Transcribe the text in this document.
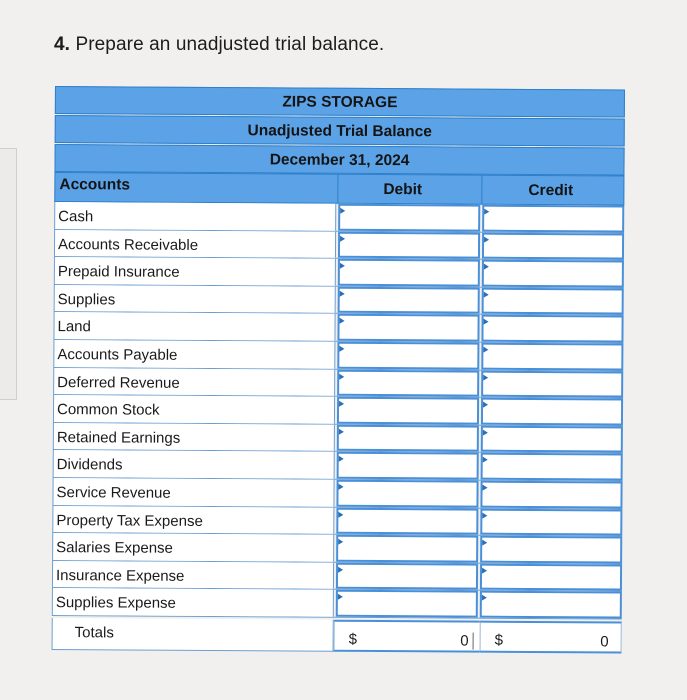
4. Prepare an unadjusted trial balance.
ZIPS STORAGE
Unadjusted Trial Balance
December 31, 2024
Accounts	Debit	Credit
Cash
Accounts Receivable
Prepaid Insurance
Supplies
Land
Accounts Payable
Deferred Revenue
Common Stock
Retained Earnings
Dividends
Service Revenue
Property Tax Expense
Salaries Expense
Insurance Expense
Supplies Expense
Totals	$	0	$	0
